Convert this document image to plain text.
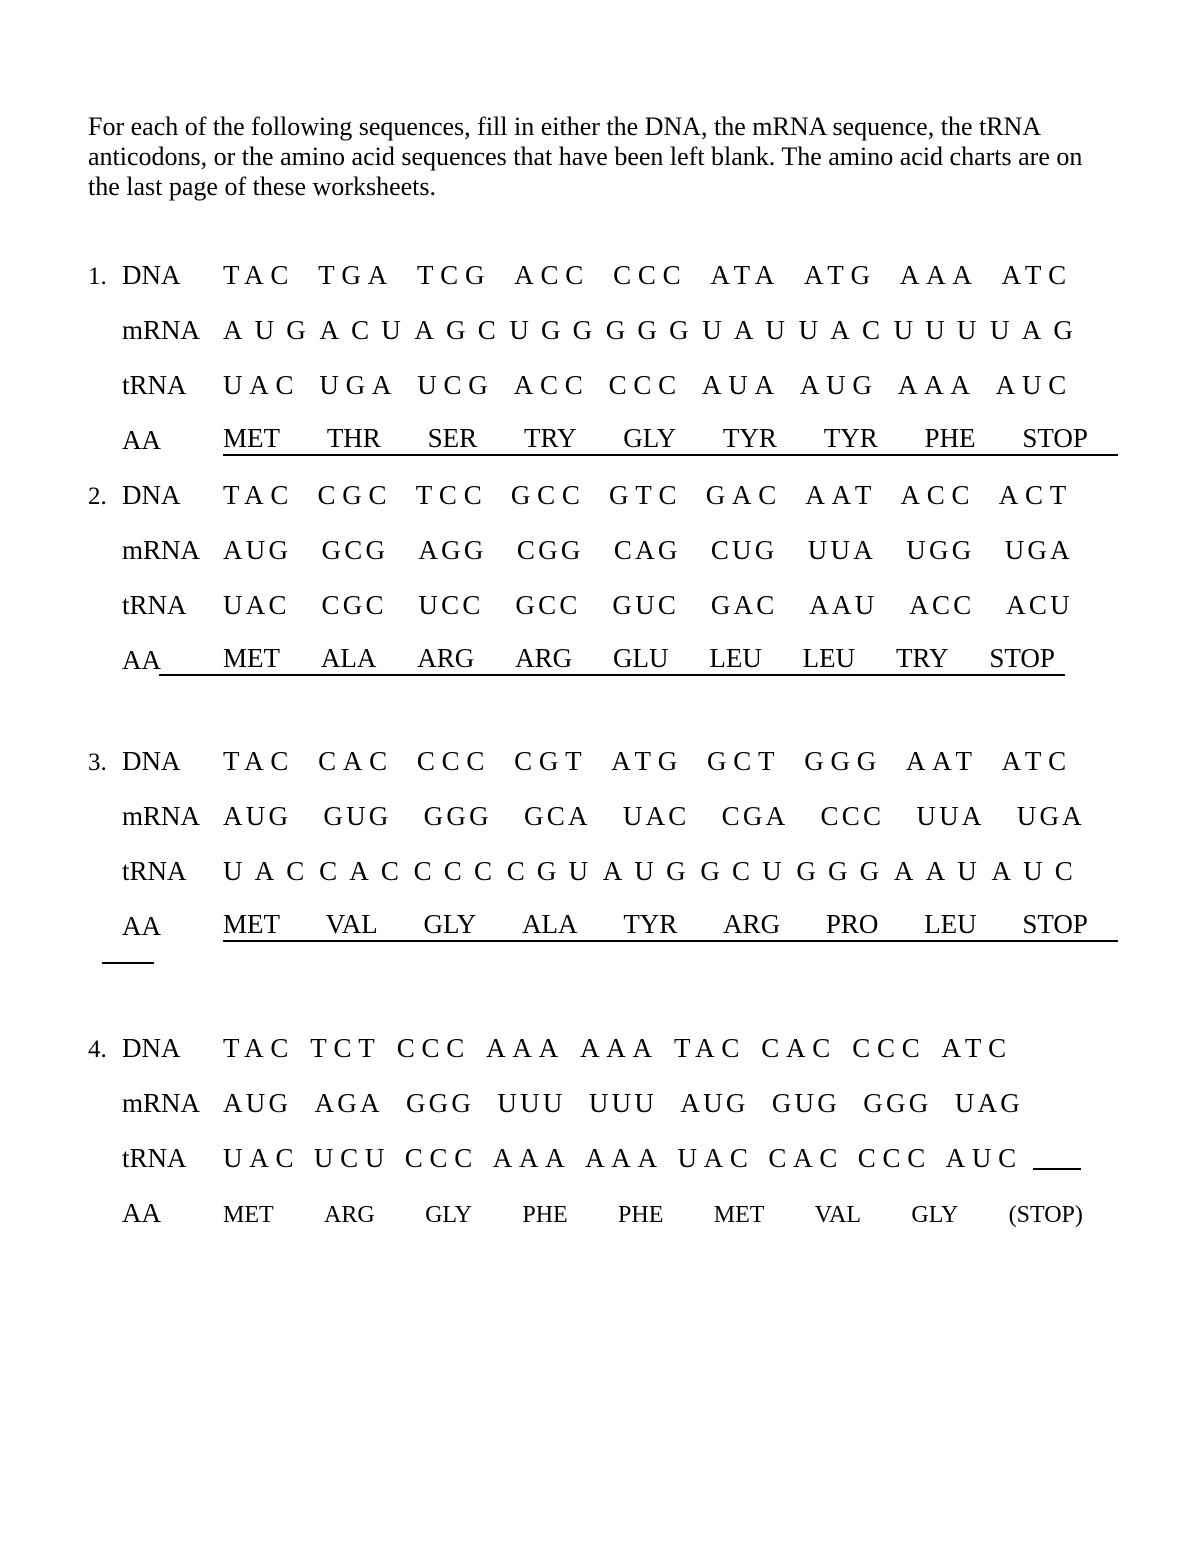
For each of the following sequences, fill in either the DNA, the mRNA sequence, the tRNA anticodons, or the amino acid sequences that have been left blank. The amino acid charts are on the last page of these worksheets.

1. DNA	TAC TGA TCG ACC CCC ATA ATG AAA ATC
mRNA AUG ACU AGC UGG GGG UAU UAC UUU UAG
tRNA	UAC UGA UCG ACC CCC AUA AUG AAA AUC
AA	MET THR SER TRY GLY TYR TYR PHE STOP
2. DNA	TAC CGC TCC GCC GTC GAC AAT ACC ACT
mRNA AUG GCG AGG CGG CAG CUG UUA UGG UGA
tRNA	UAC CGC UCC GCC GUC GAC AAU ACC ACU
AA	MET ALA ARG ARG GLU LEU LEU TRY STOP
3. DNA	TAC CAC CCC CGT ATG GCT GGG AAT ATC
mRNA AUG GUG GGG GCA UAC CGA CCC UUA UGA
tRNA	UAC CAC CCC CGU AUG GCU GGG AAU AUC
AA	MET VAL GLY ALA TYR ARG PRO LEU STOP
4. DNA	TAC TCT CCC AAA AAA TAC CAC CCC ATC
mRNA AUG AGA GGG UUU UUU AUG GUG GGG UAG
tRNA	UAC UCU CCC AAA AAA UAC CAC CCC AUC
AA	MET ARG GLY PHE PHE MET VAL GLY (STOP)
